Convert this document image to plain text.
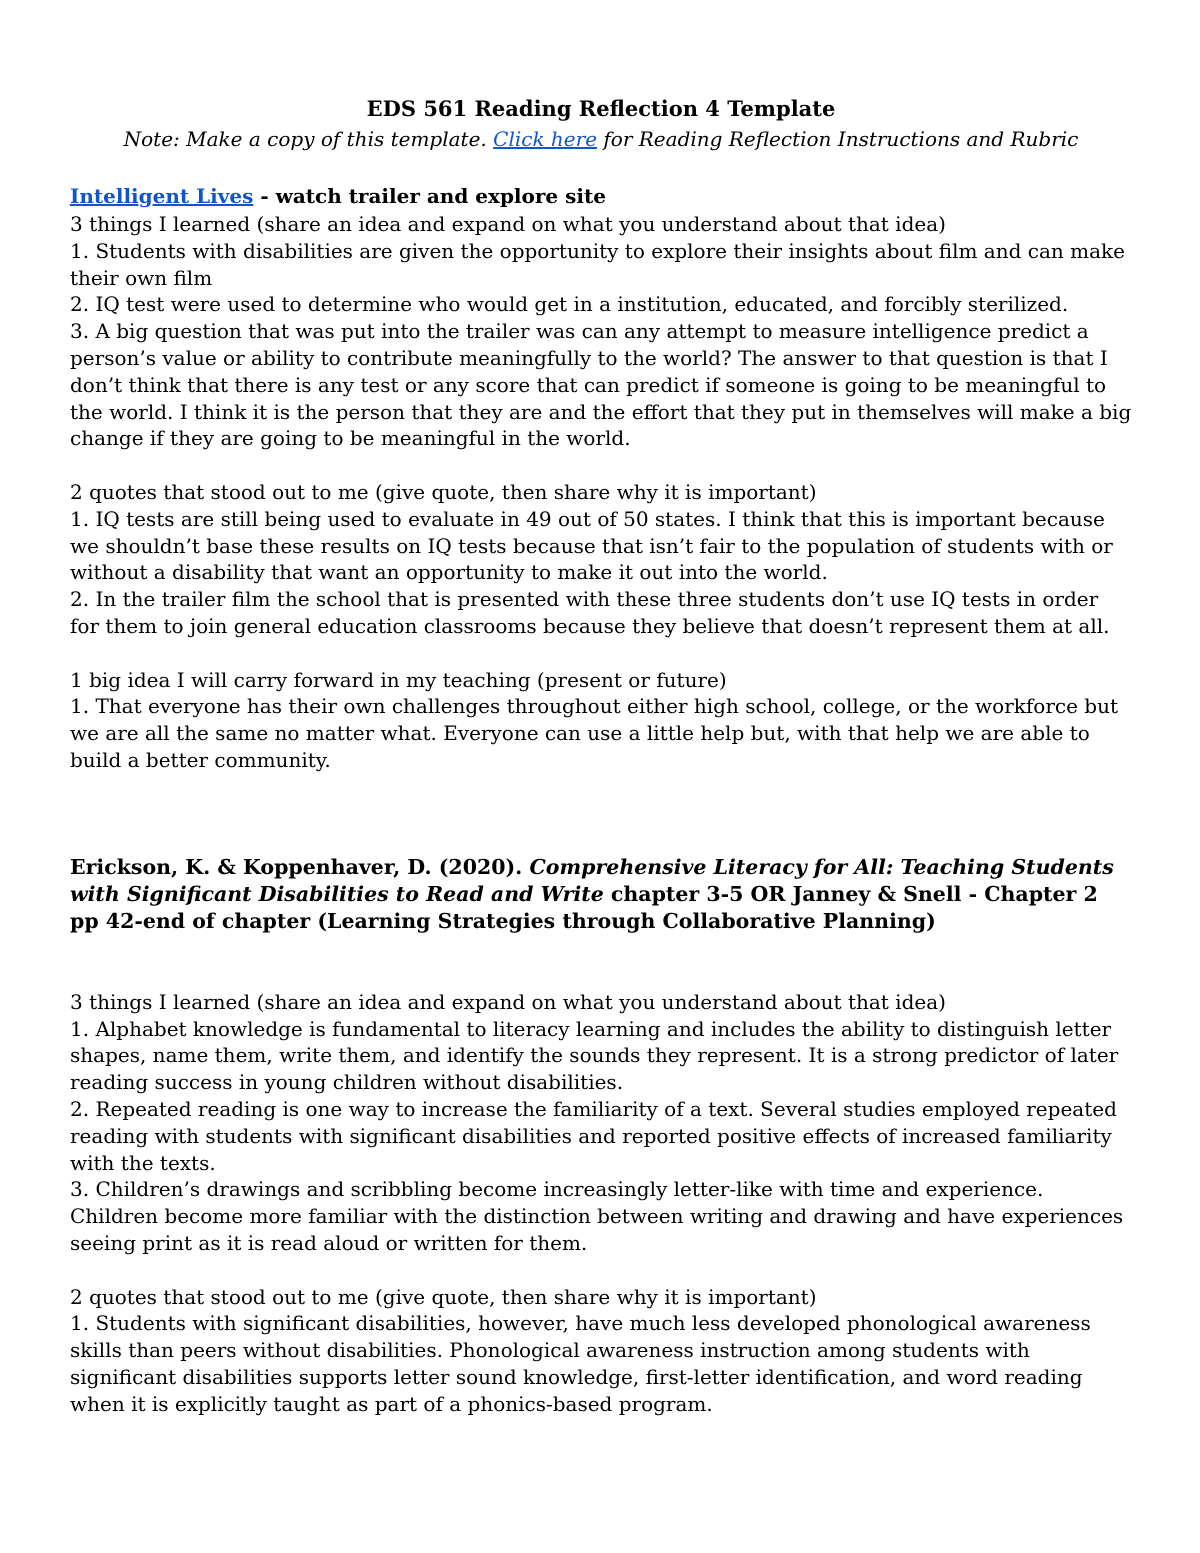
EDS 561 Reading Reflection 4 Template

Note: Make a copy of this template. Click here for Reading Reflection Instructions and Rubric

Intelligent Lives - watch trailer and explore site

3 things I learned (share an idea and expand on what you understand about that idea)

1. Students with disabilities are given the opportunity to explore their insights about film and can make their own film

2. IQ test were used to determine who would get in a institution, educated, and forcibly sterilized.

3. A big question that was put into the trailer was can any attempt to measure intelligence predict a person’s value or ability to contribute meaningfully to the world? The answer to that question is that I don’t think that there is any test or any score that can predict if someone is going to be meaningful to the world. I think it is the person that they are and the effort that they put in themselves will make a big change if they are going to be meaningful in the world.

2 quotes that stood out to me (give quote, then share why it is important)

1. IQ tests are still being used to evaluate in 49 out of 50 states. I think that this is important because we shouldn’t base these results on IQ tests because that isn’t fair to the population of students with or without a disability that want an opportunity to make it out into the world.

2. In the trailer film the school that is presented with these three students don’t use IQ tests in order for them to join general education classrooms because they believe that doesn’t represent them at all.

1 big idea I will carry forward in my teaching (present or future)

1. That everyone has their own challenges throughout either high school, college, or the workforce but we are all the same no matter what. Everyone can use a little help but, with that help we are able to build a better community.

Erickson, K. & Koppenhaver, D. (2020). Comprehensive Literacy for All: Teaching Students with Significant Disabilities to Read and Write chapter 3-5 OR Janney & Snell - Chapter 2 pp 42-end of chapter (Learning Strategies through Collaborative Planning)

3 things I learned (share an idea and expand on what you understand about that idea)

1. Alphabet knowledge is fundamental to literacy learning and includes the ability to distinguish letter shapes, name them, write them, and identify the sounds they represent. It is a strong predictor of later reading success in young children without disabilities.

2. Repeated reading is one way to increase the familiarity of a text. Several studies employed repeated reading with students with significant disabilities and reported positive effects of increased familiarity with the texts.

3. Children’s drawings and scribbling become increasingly letter-like with time and experience. Children become more familiar with the distinction between writing and drawing and have experiences seeing print as it is read aloud or written for them.

2 quotes that stood out to me (give quote, then share why it is important)

1. Students with significant disabilities, however, have much less developed phonological awareness skills than peers without disabilities. Phonological awareness instruction among students with significant disabilities supports letter sound knowledge, first-letter identification, and word reading when it is explicitly taught as part of a phonics-based program.
